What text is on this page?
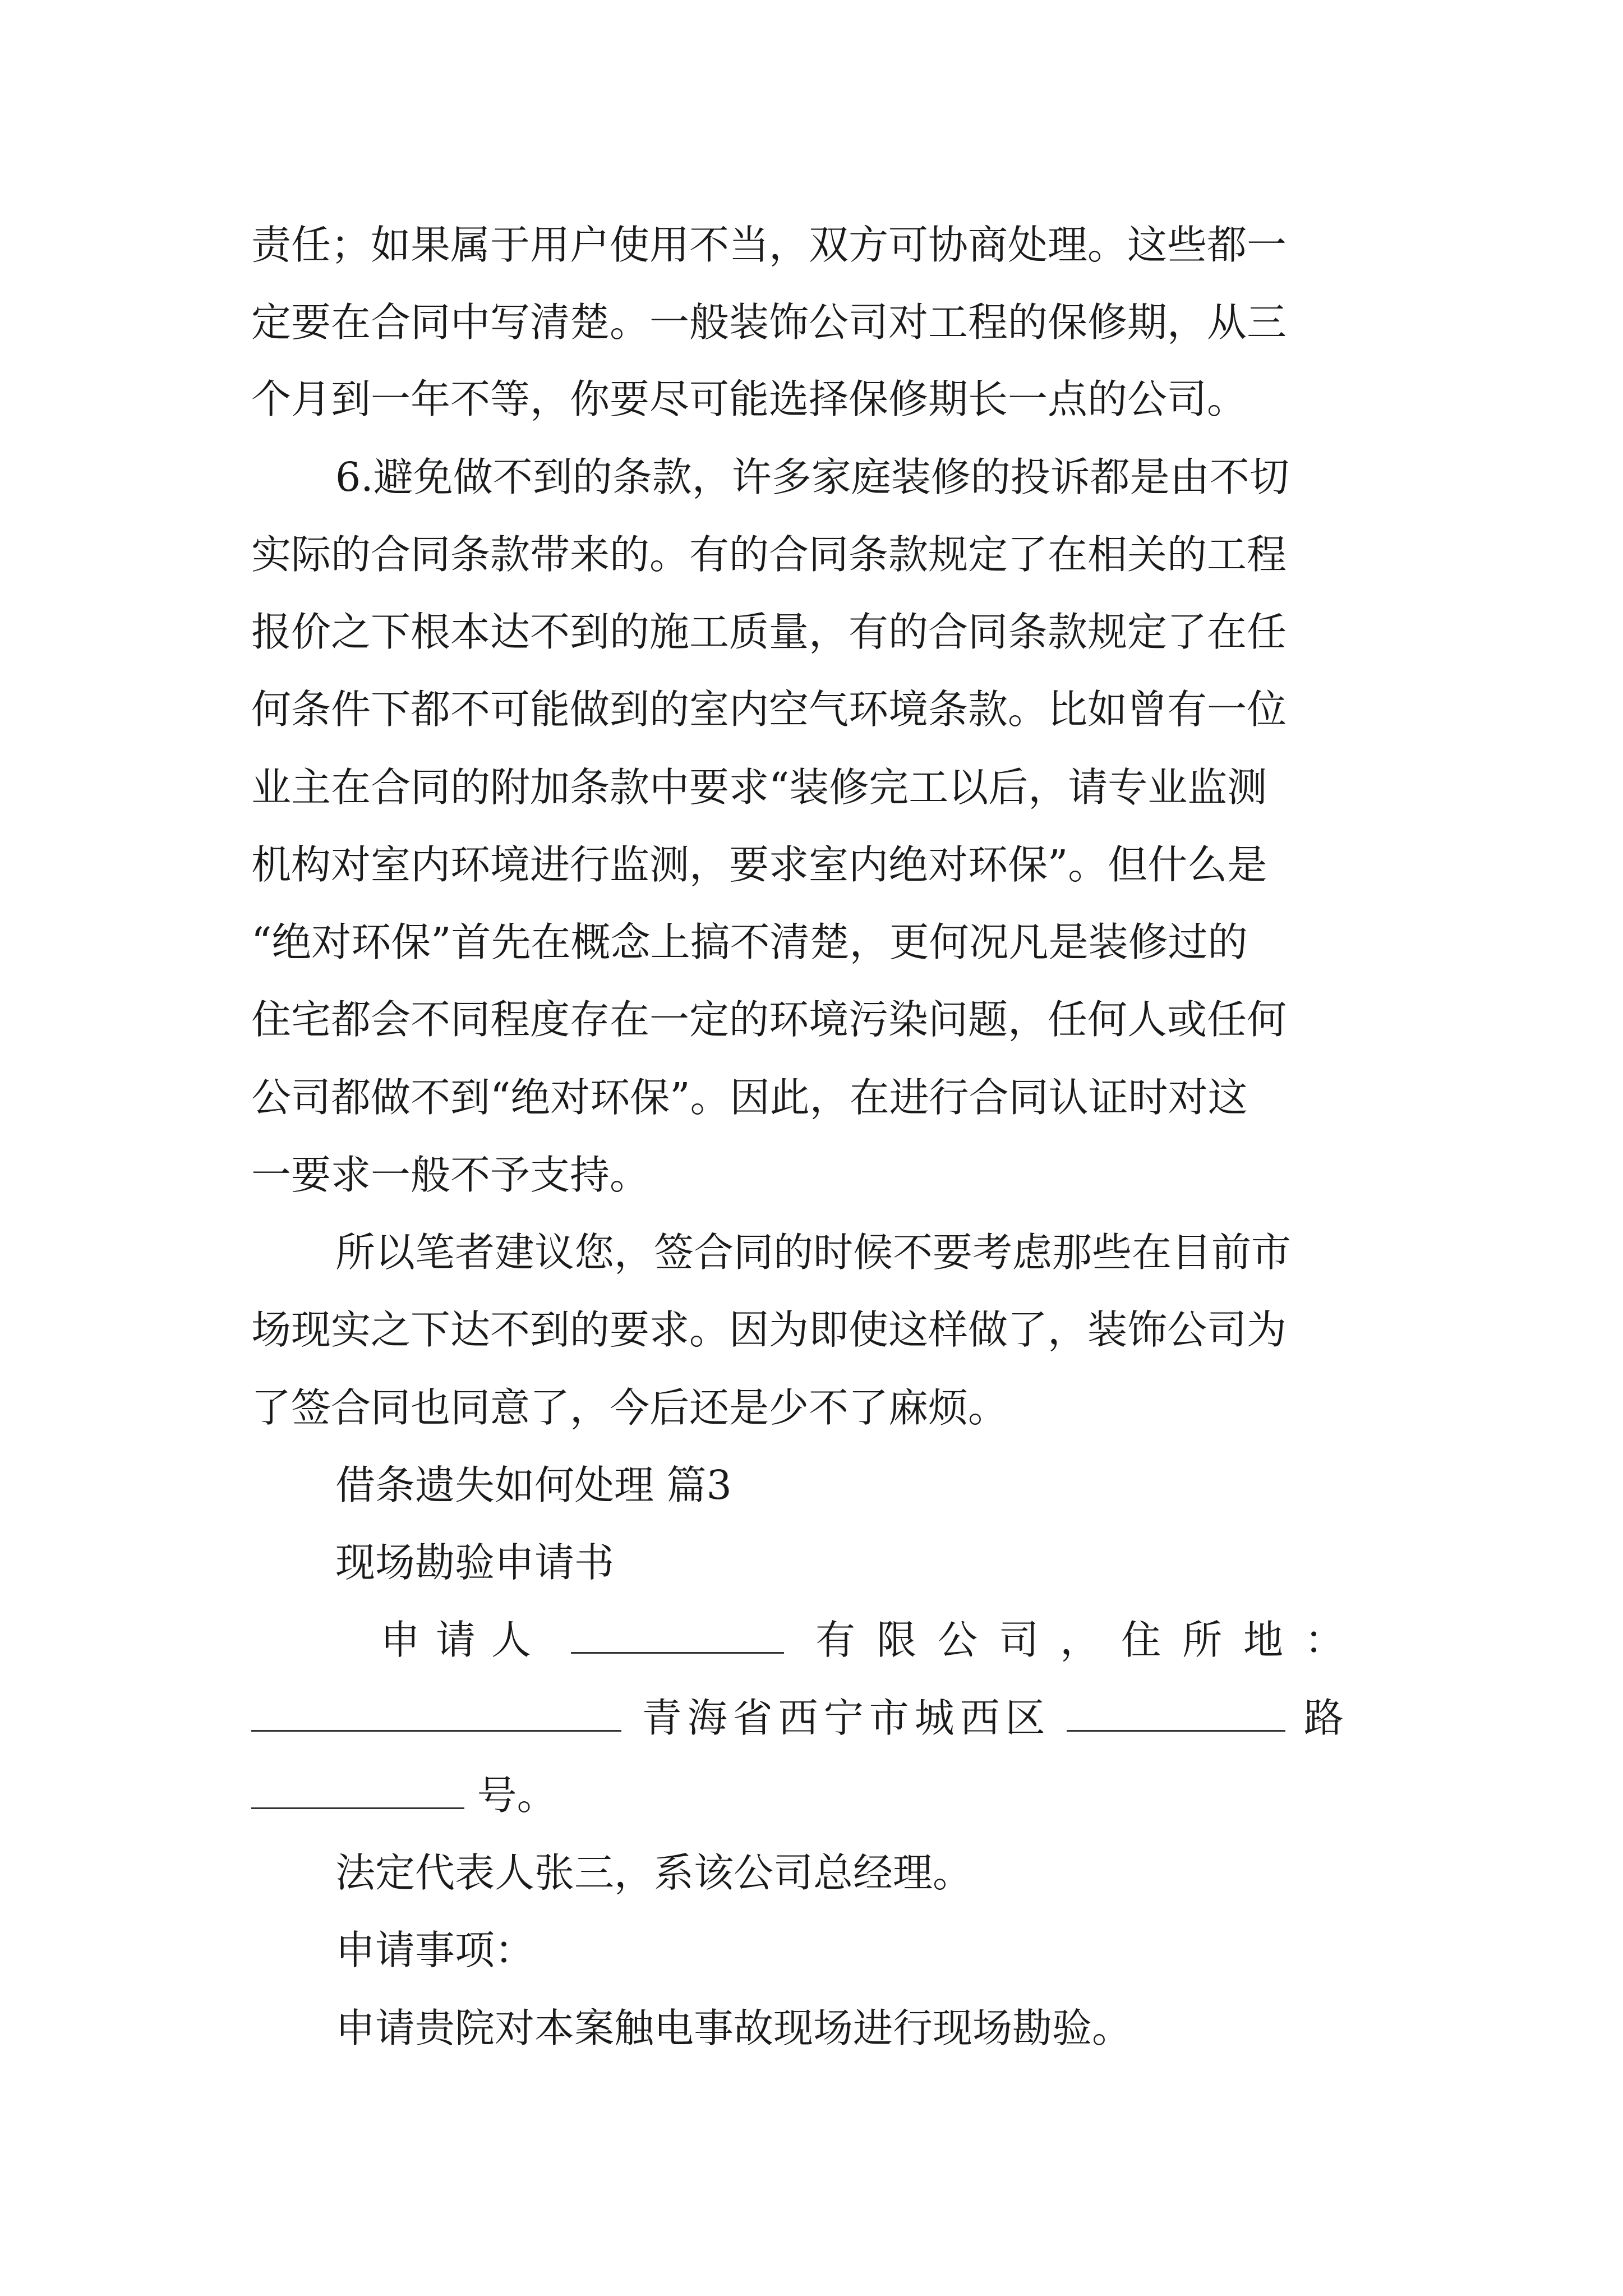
责任；如果属于用户使用不当，双方可协商处理。这些都一
定要在合同中写清楚。一般装饰公司对工程的保修期，从三
个月到一年不等，你要尽可能选择保修期长一点的公司。
6.避免做不到的条款，许多家庭装修的投诉都是由不切
实际的合同条款带来的。有的合同条款规定了在相关的工程
报价之下根本达不到的施工质量，有的合同条款规定了在任
何条件下都不可能做到的室内空气环境条款。比如曾有一位
业主在合同的附加条款中要求“装修完工以后，请专业监测
机构对室内环境进行监测，要求室内绝对环保”。但什么是
“绝对环保”首先在概念上搞不清楚，更何况凡是装修过的
住宅都会不同程度存在一定的环境污染问题，任何人或任何
公司都做不到“绝对环保”。因此，在进行合同认证时对这
一要求一般不予支持。
所以笔者建议您，签合同的时候不要考虑那些在目前市
场现实之下达不到的要求。因为即使这样做了，装饰公司为
了签合同也同意了，今后还是少不了麻烦。
借条遗失如何处理 篇3
现场勘验申请书
申请人	有限公司，住所地：
青海省西宁市城西区	路
号。
法定代表人张三，系该公司总经理。
申请事项：
申请贵院对本案触电事故现场进行现场勘验。
